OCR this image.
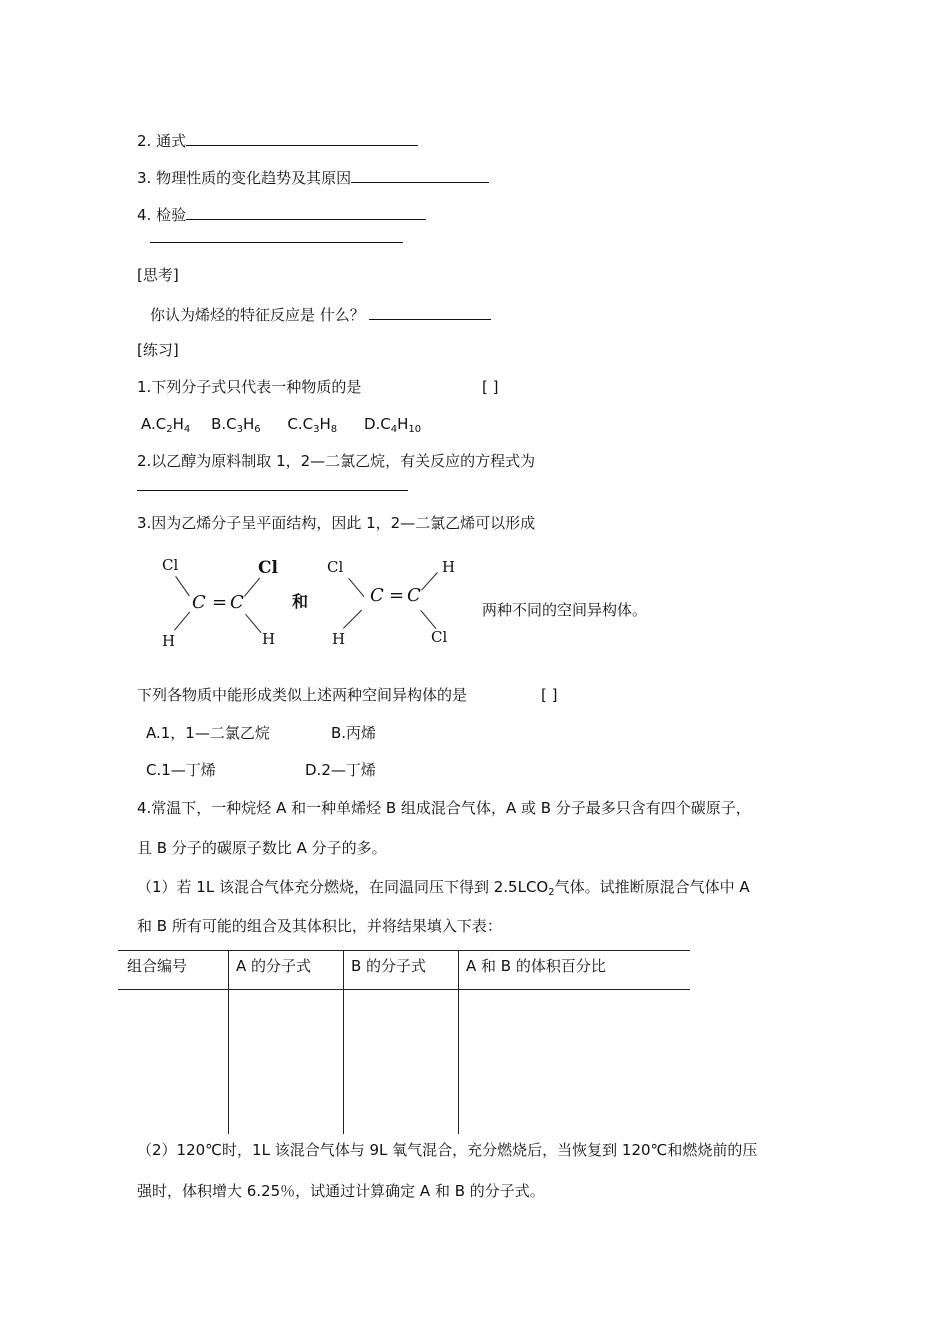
2. 通式
3. 物理性质的变化趋势及其原因
4. 检验
[思考]
你认为烯烃的特征反应是 什么？
[练习]
1.下列分子式只代表一种物质的是	[ ]
$A.C_2H_4$ $B.C_3H_6$ $C.C_3H_8$ $D.C_4H_{10}$
2.以乙醇为原料制取 1，2—二氯乙烷，有关反应的方程式为
3.因为乙烯分子呈平面结构，因此 1，2—二氯乙烯可以形成
Cl	Cl
C = C
H	H
和
Cl	H
C = C
H	Cl
两种不同的空间异构体。
下列各物质中能形成类似上述两种空间异构体的是	[ ]
A.1，1—二氯乙烷	B.丙烯
C.1—丁烯	D.2—丁烯
4.常温下，一种烷烃 A 和一种单烯烃 B 组成混合气体，A 或 B 分子最多只含有四个碳原子，
且 B 分子的碳原子数比 A 分子的多。
（1）若 1L 该混合气体充分燃烧，在同温同压下得到 $2.5LCO_2$气体。试推断原混合气体中 A
和 B 所有可能的组合及其体积比，并将结果填入下表：
组合编号	A 的分子式	B 的分子式	A 和 B 的体积百分比
（2）120℃时，1L 该混合气体与 9L 氧气混合，充分燃烧后，当恢复到 120℃和燃烧前的压
强时，体积增大 6.25％，试通过计算确定 A 和 B 的分子式。
